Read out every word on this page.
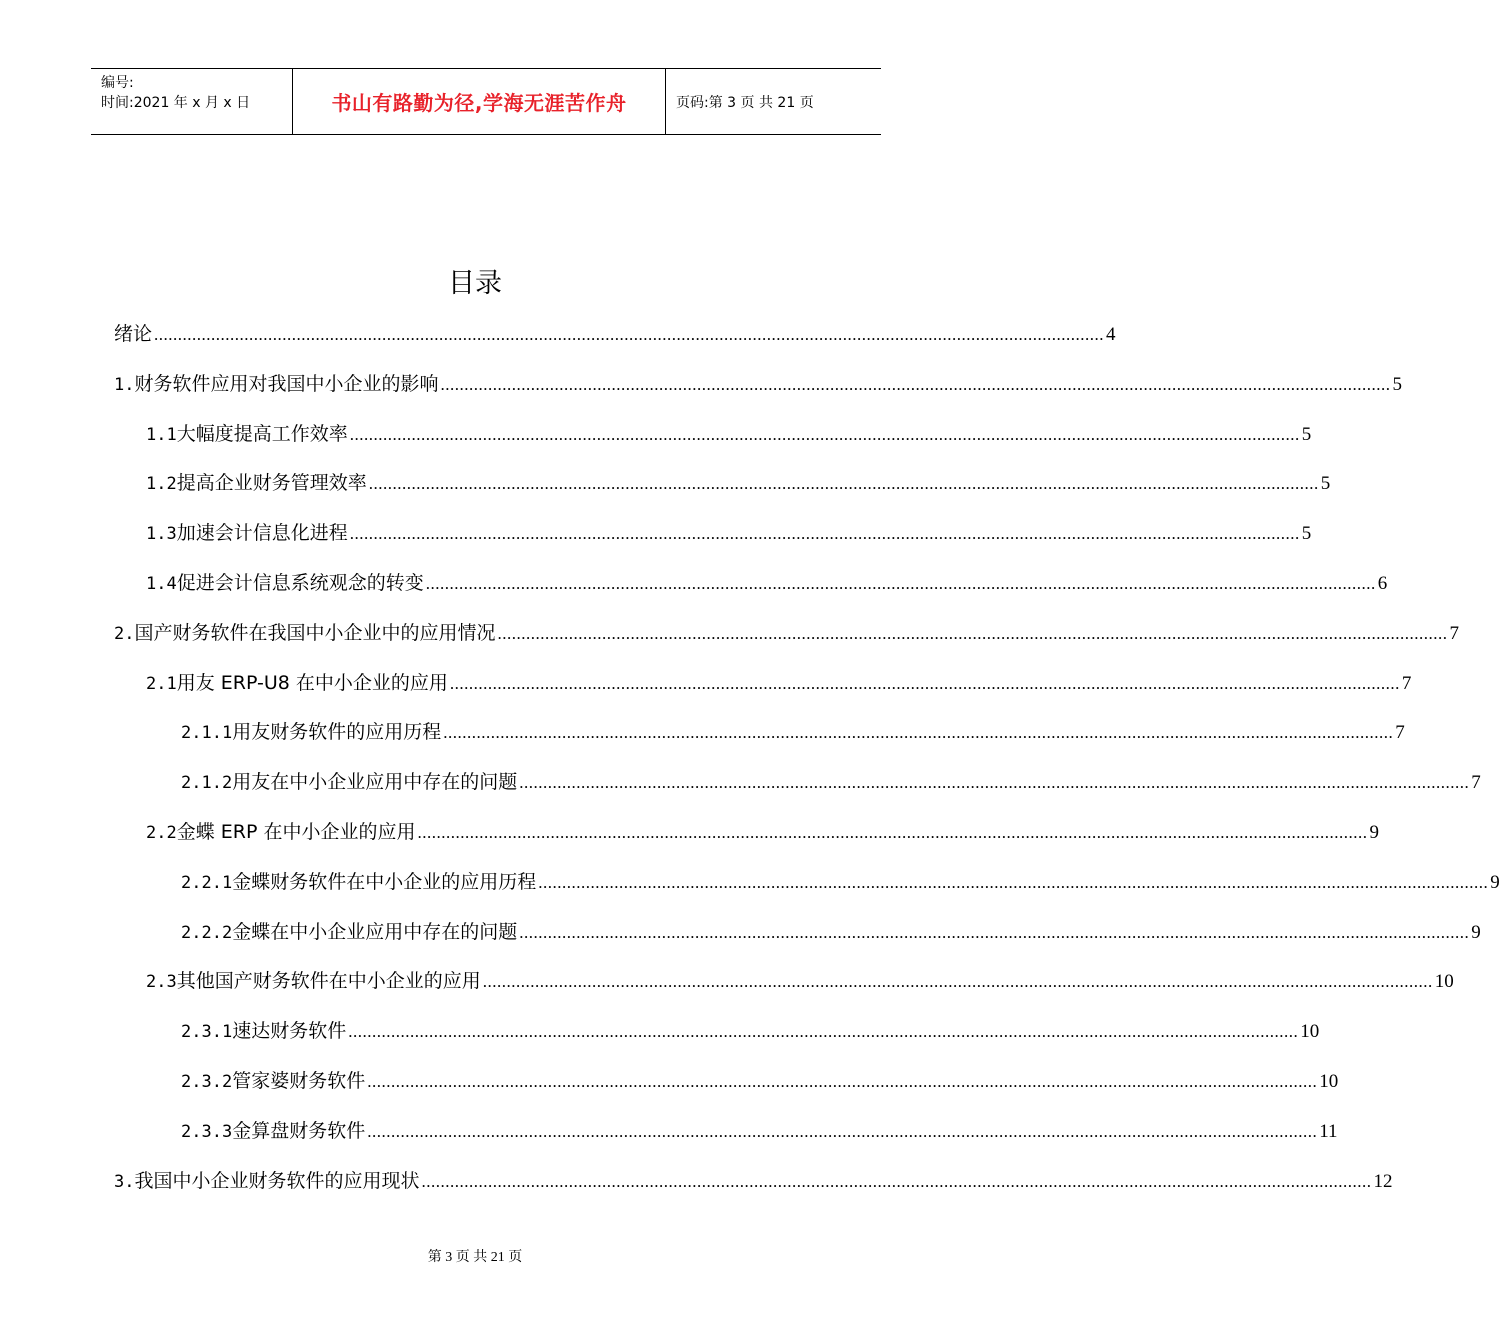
编号:
时间:2021 年 x 月 x 日	书山有路勤为径,学海无涯苦作舟	页码:第 3 页 共 21 页
目录
绪论 ........................................................................................................................................................................................................ 4
1. 财务软件应用对我国中小企业的影响 ........................................................................................................................................................................................................ 5
1.1 大幅度提高工作效率 ........................................................................................................................................................................................................ 5
1.2 提高企业财务管理效率 ........................................................................................................................................................................................................ 5
1.3 加速会计信息化进程 ........................................................................................................................................................................................................ 5
1.4 促进会计信息系统观念的转变 ........................................................................................................................................................................................................ 6
2. 国产财务软件在我国中小企业中的应用情况 ........................................................................................................................................................................................................ 7
2.1 用友 ERP-U8 在中小企业的应用 ........................................................................................................................................................................................................ 7
2.1.1 用友财务软件的应用历程 ........................................................................................................................................................................................................ 7
2.1.2 用友在中小企业应用中存在的问题 ........................................................................................................................................................................................................ 7
2.2 金蝶 ERP 在中小企业的应用 ........................................................................................................................................................................................................ 9
2.2.1 金蝶财务软件在中小企业的应用历程 ........................................................................................................................................................................................................ 9
2.2.2 金蝶在中小企业应用中存在的问题 ........................................................................................................................................................................................................ 9
2.3 其他国产财务软件在中小企业的应用 ........................................................................................................................................................................................................ 10
2.3.1 速达财务软件 ........................................................................................................................................................................................................ 10
2.3.2 管家婆财务软件 ........................................................................................................................................................................................................ 10
2.3.3 金算盘财务软件 ........................................................................................................................................................................................................ 11
3. 我国中小企业财务软件的应用现状 ........................................................................................................................................................................................................ 12
第 3 页 共 21 页
